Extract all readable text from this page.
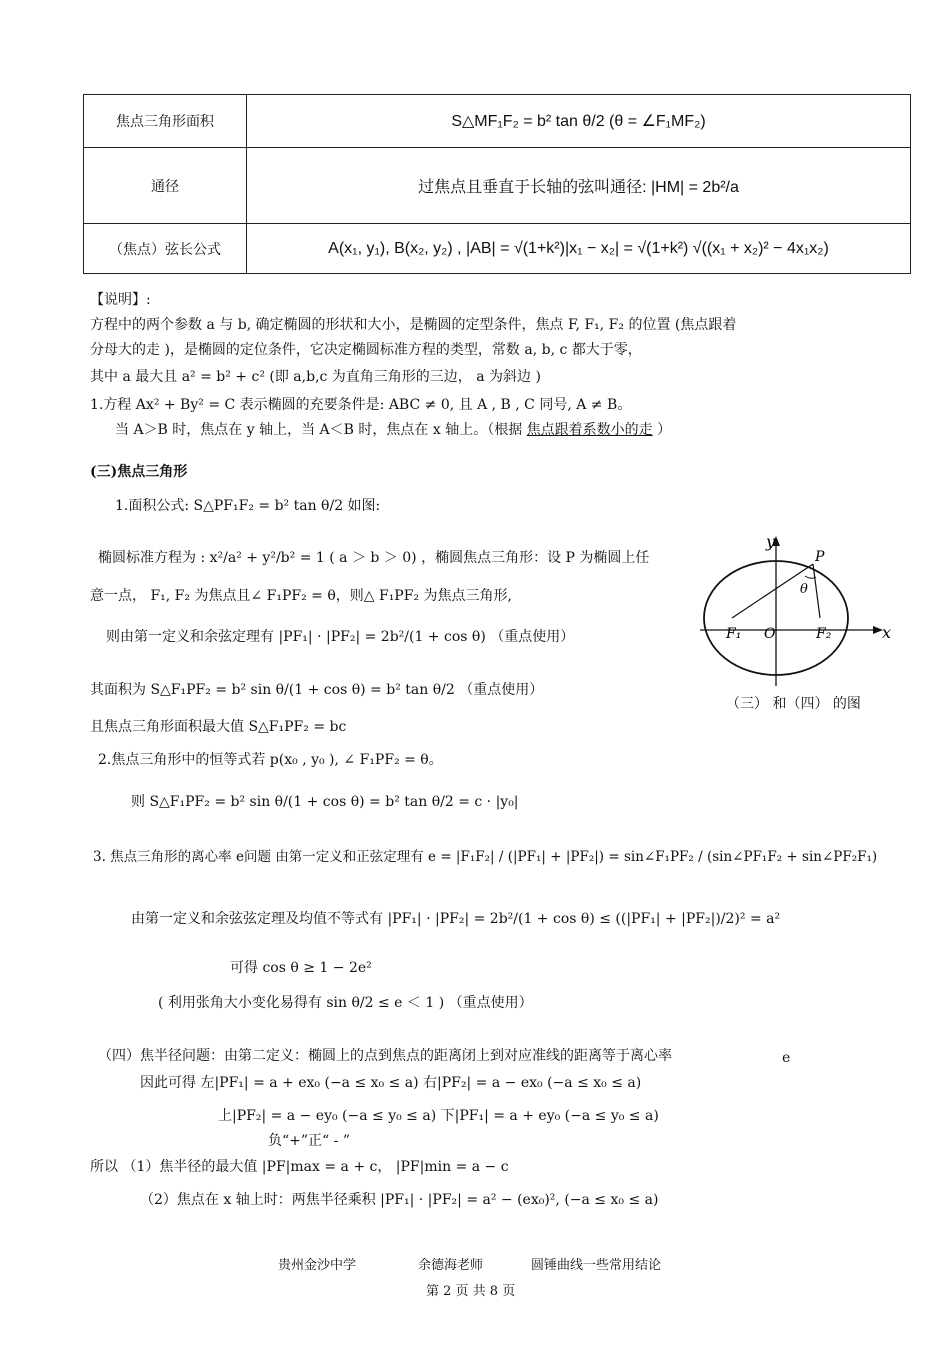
焦点三角形面积	S△MF₁F₂ = b² tan θ/2 (θ = ∠F₁MF₂)
通径	过焦点且垂直于长轴的弦叫通径: |HM| = 2b²/a
（焦点）弦长公式	A(x₁, y₁), B(x₂, y₂) , |AB| = √(1+k²)|x₁ − x₂| = √(1+k²) √((x₁ + x₂)² − 4x₁x₂)
【说明】:
方程中的两个参数 a 与 b, 确定椭圆的形状和大小，是椭圆的定型条件，焦点 F, F₁, F₂ 的位置 (焦点跟着
分母大的走 )，是椭圆的定位条件，它决定椭圆标准方程的类型，常数 a, b, c 都大于零，
其中 a 最大且 a² = b² + c² (即 a,b,c 为直角三角形的三边， a 为斜边 )
1.方程 Ax² + By² = C 表示椭圆的充要条件是: ABC ≠ 0, 且 A , B , C 同号, A ≠ B。
当 A＞B 时，焦点在 y 轴上，当 A＜B 时，焦点在 x 轴上。（根据 焦点跟着系数小的走 ）
(三)焦点三角形
1.面积公式: S△PF₁F₂ = b² tan θ/2 如图:
椭圆标准方程为 : x²/a² + y²/b² = 1 ( a ＞ b ＞ 0) ，椭圆焦点三角形：设 P 为椭圆上任
意一点， F₁, F₂ 为焦点且∠ F₁PF₂ = θ，则△ F₁PF₂ 为焦点三角形,
则由第一定义和余弦定理有 |PF₁| · |PF₂| = 2b²/(1 + cos θ) （重点使用）
其面积为 S△F₁PF₂ = b² sin θ/(1 + cos θ) = b² tan θ/2 （重点使用）
且焦点三角形面积最大值 S△F₁PF₂ = bc
2.焦点三角形中的恒等式若 p(x₀ , y₀ ), ∠ F₁PF₂ = θ。
则 S△F₁PF₂ = b² sin θ/(1 + cos θ) = b² tan θ/2 = c · |y₀|
3. 焦点三角形的离心率 e问题 由第一定义和正弦定理有 e = |F₁F₂| / (|PF₁| + |PF₂|) = sin∠F₁PF₂ / (sin∠PF₁F₂ + sin∠PF₂F₁)
由第一定义和余弦弦定理及均值不等式有 |PF₁| · |PF₂| = 2b²/(1 + cos θ) ≤ ((|PF₁| + |PF₂|)/2)² = a²
可得 cos θ ≥ 1 − 2e²
( 利用张角大小变化易得有 sin θ/2 ≤ e ＜ 1 ) （重点使用）
y
x
P
θ
F₁ O	F₂
（三） 和（四） 的图
（四）焦半径问题：由第二定义：椭圆上的点到焦点的距离闭上到对应准线的距离等于离心率	e
因此可得 左|PF₁| = a + ex₀ (−a ≤ x₀ ≤ a) 右|PF₂| = a − ex₀ (−a ≤ x₀ ≤ a)
上|PF₂| = a − ey₀ (−a ≤ y₀ ≤ a) 下|PF₁| = a + ey₀ (−a ≤ y₀ ≤ a)
负“+”正“ - ”
所以 （1）焦半径的最大值 |PF|max = a + c， |PF|min = a − c
（2）焦点在 x 轴上时：两焦半径乘积 |PF₁| · |PF₂| = a² − (ex₀)², (−a ≤ x₀ ≤ a)
贵州金沙中学	余德海老师	圆锤曲线一些常用结论
第 2 页 共 8 页
